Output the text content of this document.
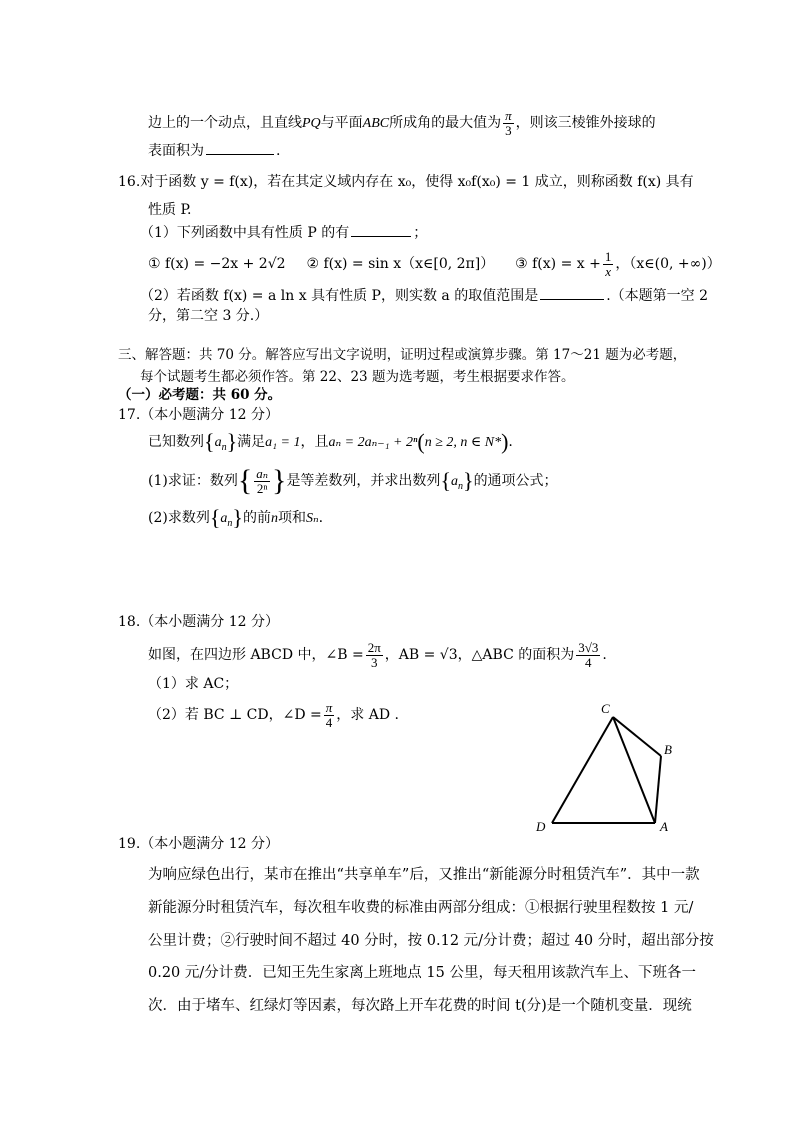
边上的一个动点，且直线PQ与平面ABC所成角的最大值为 $\frac{\pi}{3}$ ，则该三棱锥外接球的
表面积为	.
16.对于函数 y = f(x)，若在其定义域内存在 x₀，使得 x₀f(x₀) = 1 成立，则称函数 f(x) 具有
性质 P.
（1）下列函数中具有性质 P 的有	；
① f(x) = −2x + 2√2 ② f(x) = sin x（x∈[0, 2π]） ③ $f(x) = x + \frac{1}{x}$ ，（x∈(0, +∞)）
（2）若函数 f(x) = a ln x 具有性质 P，则实数 a 的取值范围是	.（本题第一空 2
分，第二空 3 分.）
三、解答题：共 70 分。解答应写出文字说明，证明过程或演算步骤。第 17～21 题为必考题，
每个试题考生都必须作答。第 22、23 题为选考题，考生根据要求作答。
（一）必考题：共 60 分。
17.（本小题满分 12 分）
已知数列$\{a_n\}$满足a₁ = 1，且aₙ = 2aₙ₋₁ + 2ⁿ(n ≥ 2, n ∈ N*).
(1)求证：数列{ $\frac{\text{aₙ}}{\text{2ⁿ}}$ }是等差数列，并求出数列$\{a_n\}$的通项公式；
(2)求数列$\{a_n\}$的前n项和Sₙ.
18.（本小题满分 12 分）
如图，在四边形 ABCD 中，∠B = $\frac{2\pi}{3}$ ，AB = √3，△ABC 的面积为 $\frac{3√3}{4}$ .
（1）求 AC；
（2）若 BC ⊥ CD，∠D = $\frac{\pi}{4}$ ，求 AD .	C
B
A
D
19.（本小题满分 12 分）
为响应绿色出行，某市在推出“共享单车”后，又推出“新能源分时租赁汽车”．其中一款
新能源分时租赁汽车，每次租车收费的标准由两部分组成：①根据行驶里程数按 1 元/
公里计费；②行驶时间不超过 40 分时，按 0.12 元/分计费；超过 40 分时，超出部分按
0.20 元/分计费．已知王先生家离上班地点 15 公里，每天租用该款汽车上、下班各一
次．由于堵车、红绿灯等因素，每次路上开车花费的时间 t(分)是一个随机变量．现统
